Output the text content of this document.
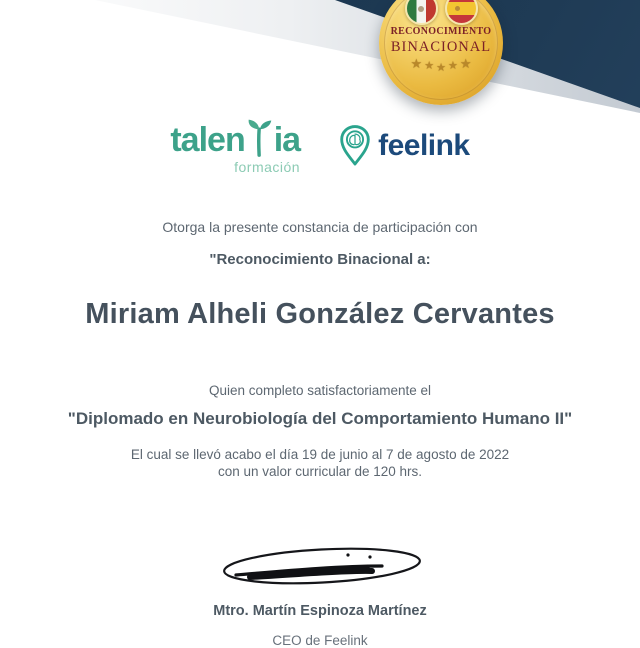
RECONOCIMIENTO
BINACIONAL
★ ★ ★ ★ ★
talen ia
formación
feelink
Otorga la presente constancia de participación con
"Reconocimiento Binacional a:
Miriam Alheli González Cervantes
Quien completo satisfactoriamente el
"Diplomado en Neurobiología del Comportamiento Humano II"
El cual se llevó acabo el día 19 de junio al 7 de agosto de 2022
con un valor curricular de 120 hrs.
Mtro. Martín Espinoza Martínez
CEO de Feelink
